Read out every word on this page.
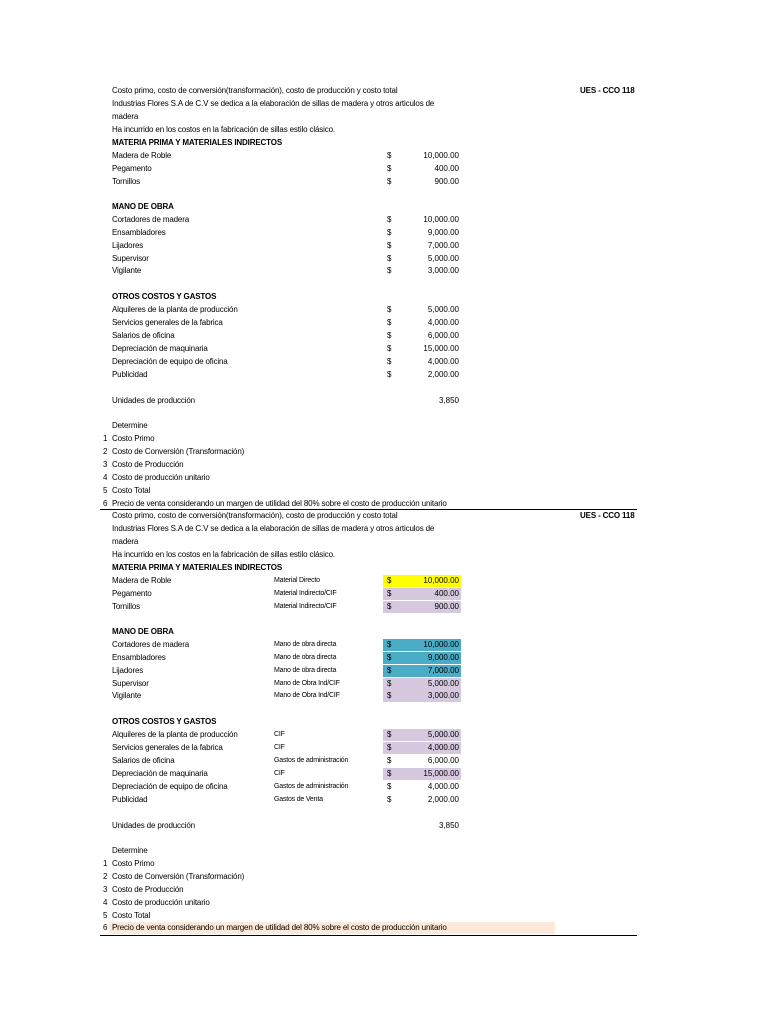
Costo primo, costo de conversión(transformación), costo de producción y costo total	UES - CCO 118
Industrias Flores S.A de C.V se dedica a la elaboración de sillas de madera y otros articulos de
madera
Ha incurrido en los costos en la fabricación de sillas estilo clásico.
MATERIA PRIMA Y MATERIALES INDIRECTOS
Madera de Roble	$	10,000.00
Pegamento	$	400.00
Tornillos	$	900.00
MANO DE OBRA
Cortadores de madera	$	10,000.00
Ensambladores	$	9,000.00
Lijadores	$	7,000.00
Supervisor	$	5,000.00
Vigilante	$	3,000.00
OTROS COSTOS Y GASTOS
Alquileres de la planta de producción	$	5,000.00
Servicios generales de la fabrica	$	4,000.00
Salarios de oficina	$	6,000.00
Depreciación de maquinaria	$	15,000.00
Depreciación de equipo de oficina	$	4,000.00
Publicidad	$	2,000.00
Unidades de producción	3,850
Determine
1 Costo Primo
2 Costo de Conversión (Transformación)
3 Costo de Producción
4 Costo de producción unitario
5 Costo Total
6 Precio de venta considerando un margen de utilidad del 80% sobre el costo de producción unitario
Costo primo, costo de conversión(transformación), costo de producción y costo total	UES - CCO 118
Industrias Flores S.A de C.V se dedica a la elaboración de sillas de madera y otros articulos de
madera
Ha incurrido en los costos en la fabricación de sillas estilo clásico.
MATERIA PRIMA Y MATERIALES INDIRECTOS
Madera de Roble	Material Directo	$	10,000.00
Pegamento	Material Indirecto/CIF	$	400.00
Tornillos	Material Indirecto/CIF	$	900.00
MANO DE OBRA
Cortadores de madera	Mano de obra directa	$	10,000.00
Ensambladores	Mano de obra directa	$	9,000.00
Lijadores	Mano de obra directa	$	7,000.00
Supervisor	Mano de Obra Ind/CIF	$	5,000.00
Vigilante	Mano de Obra Ind/CIF	$	3,000.00
OTROS COSTOS Y GASTOS
Alquileres de la planta de producción	CIF	$	5,000.00
Servicios generales de la fabrica	CIF	$	4,000.00
Salarios de oficina	Gastos de administración	$	6,000.00
Depreciación de maquinaria	CIF	$	15,000.00
Depreciación de equipo de oficina	Gastos de administración	$	4,000.00
Publicidad	Gastos de Venta	$	2,000.00
Unidades de producción	3,850
Determine
1 Costo Primo
2 Costo de Conversión (Transformación)
3 Costo de Producción
4 Costo de producción unitario
5 Costo Total
6 Precio de venta considerando un margen de utilidad del 80% sobre el costo de producción unitario
